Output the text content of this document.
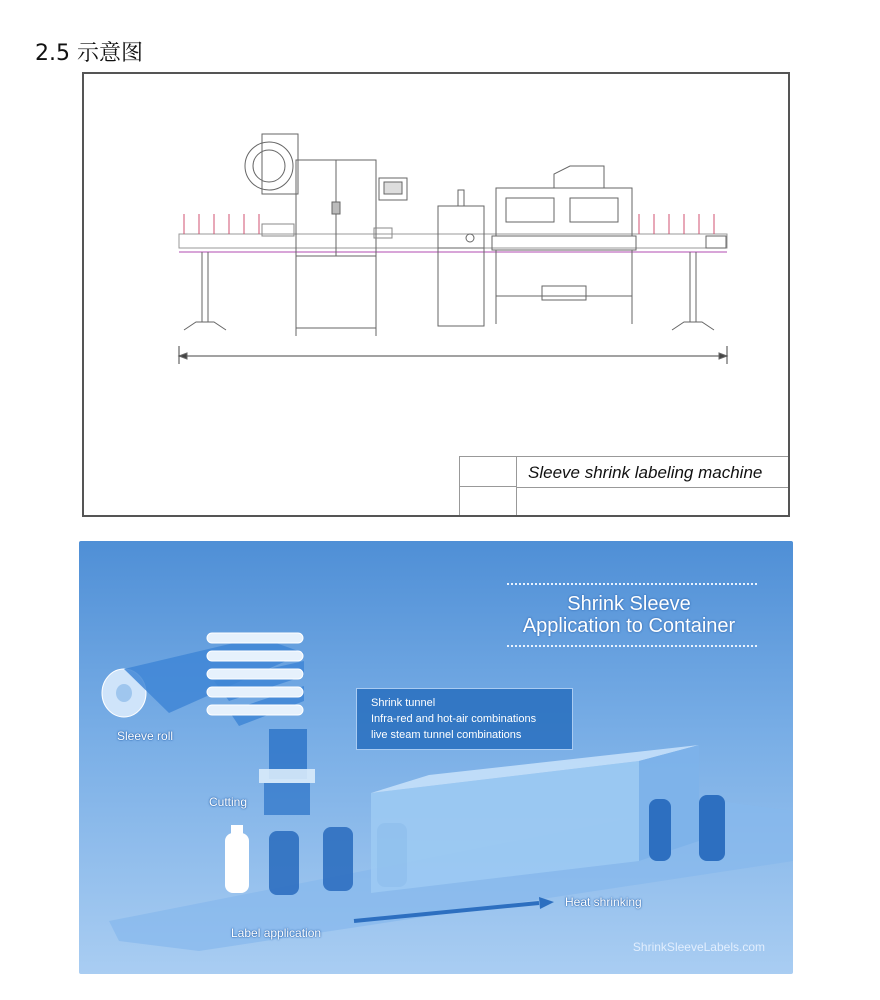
2.5 示意图
Sleeve shrink labeling machine
Shrink Sleeve
Application to Container
Shrink tunnel
Infra-red and hot-air combinations
live steam tunnel combinations
Sleeve roll
Cutting
Label application
Heat shrinking
ShrinkSleeveLabels.com
